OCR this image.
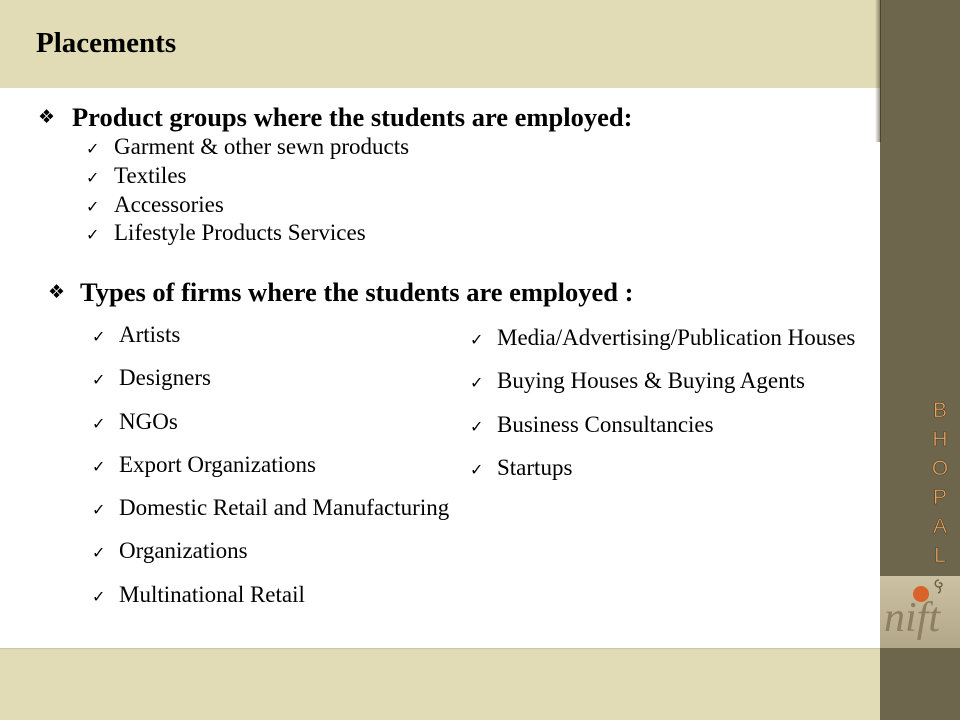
Placements
❖
Product groups where the students are employed:
✓Garment & other sewn products
✓Textiles
✓Accessories
✓Lifestyle Products Services
❖
Types of firms where the students are employed :
✓Artists
✓Designers
✓NGOs
✓Export Organizations
✓Domestic Retail and Manufacturing
✓Organizations
✓Multinational Retail
✓Media/Advertising/Publication Houses
✓Buying Houses & Buying Agents
✓Business Consultancies
✓Startups
B
H
O
P
A
L
nift
